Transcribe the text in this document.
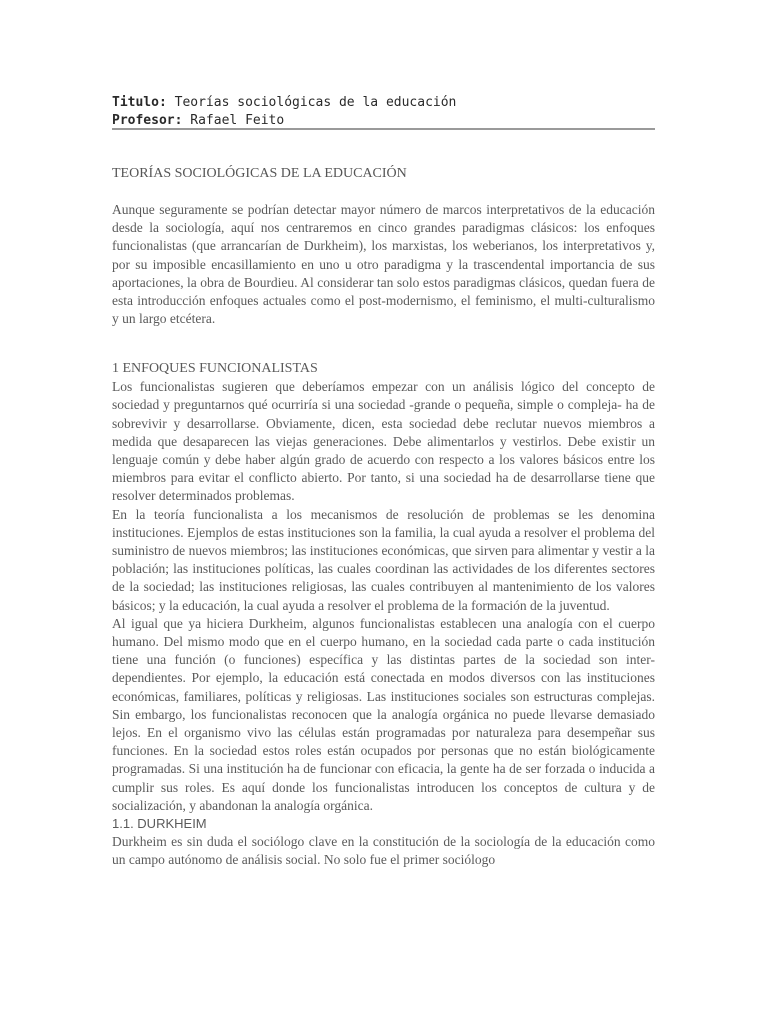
Titulo: Teorías sociológicas de la educación
Profesor: Rafael Feito
TEORÍAS SOCIOLÓGICAS DE LA EDUCACIÓN

Aunque seguramente se podrían detectar mayor número de marcos interpretativos de la educación desde la sociología, aquí nos centraremos en cinco grandes paradigmas clásicos: los enfoques funcionalistas (que arrancarían de Durkheim), los marxistas, los weberianos, los interpretativos y, por su imposible encasillamiento en uno u otro paradigma y la trascendental importancia de sus aportaciones, la obra de Bourdieu. Al considerar tan solo estos paradigmas clásicos, quedan fuera de esta introducción enfoques actuales como el post-modernismo, el feminismo, el multi-culturalismo y un largo etcétera.

1 ENFOQUES FUNCIONALISTAS

Los funcionalistas sugieren que deberíamos empezar con un análisis lógico del concepto de sociedad y preguntarnos qué ocurriría si una sociedad -grande o pequeña, simple o compleja- ha de sobrevivir y desarrollarse. Obviamente, dicen, esta sociedad debe reclutar nuevos miembros a medida que desaparecen las viejas generaciones. Debe alimentarlos y vestirlos. Debe existir un lenguaje común y debe haber algún grado de acuerdo con respecto a los valores básicos entre los miembros para evitar el conflicto abierto. Por tanto, si una sociedad ha de desarrollarse tiene que resolver determinados problemas.

En la teoría funcionalista a los mecanismos de resolución de problemas se les denomina instituciones. Ejemplos de estas instituciones son la familia, la cual ayuda a resolver el problema del suministro de nuevos miembros; las instituciones económicas, que sirven para alimentar y vestir a la población; las instituciones políticas, las cuales coordinan las actividades de los diferentes sectores de la sociedad; las instituciones religiosas, las cuales contribuyen al mantenimiento de los valores básicos; y la educación, la cual ayuda a resolver el problema de la formación de la juventud.

Al igual que ya hiciera Durkheim, algunos funcionalistas establecen una analogía con el cuerpo humano. Del mismo modo que en el cuerpo humano, en la sociedad cada parte o cada institución tiene una función (o funciones) específica y las distintas partes de la sociedad son inter-dependientes. Por ejemplo, la educación está conectada en modos diversos con las instituciones económicas, familiares, políticas y religiosas. Las instituciones sociales son estructuras complejas. Sin embargo, los funcionalistas reconocen que la analogía orgánica no puede llevarse demasiado lejos. En el organismo vivo las células están programadas por naturaleza para desempeñar sus funciones. En la sociedad estos roles están ocupados por personas que no están biológicamente programadas. Si una institución ha de funcionar con eficacia, la gente ha de ser forzada o inducida a cumplir sus roles. Es aquí donde los funcionalistas introducen los conceptos de cultura y de socialización, y abandonan la analogía orgánica.

1.1. DURKHEIM

Durkheim es sin duda el sociólogo clave en la constitución de la sociología de la educación como un campo autónomo de análisis social. No solo fue el primer sociólogo
